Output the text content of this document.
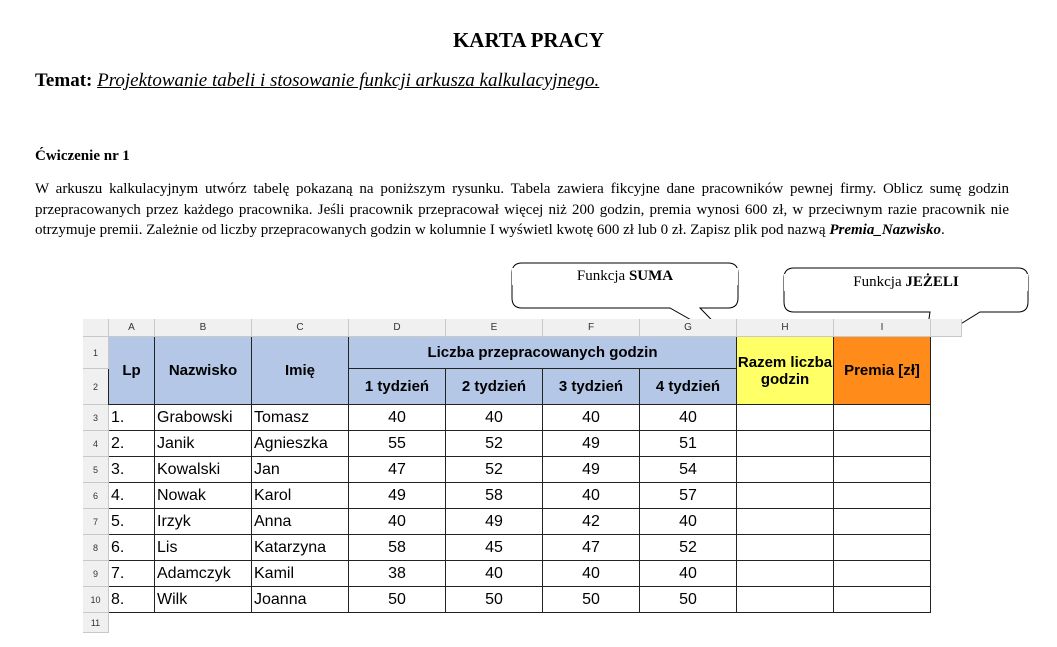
KARTA PRACY
Temat: Projektowanie tabeli i stosowanie funkcji arkusza kalkulacyjnego.
Ćwiczenie nr 1
W arkuszu kalkulacyjnym utwórz tabelę pokazaną na poniższym rysunku. Tabela zawiera fikcyjne dane pracowników pewnej firmy. Oblicz sumę godzin przepracowanych przez każdego pracownika. Jeśli pracownik przepracował więcej niż 200 godzin, premia wynosi 600 zł, w przeciwnym razie pracownik nie otrzymuje premii. Zależnie od liczby przepracowanych godzin w kolumnie I wyświetl kwotę 600 zł lub 0 zł. Zapisz plik pod nazwą Premia_Nazwisko.
Funkcja SUMA	Funkcja JEŻELI
	A	B	C	D	E	F	G	H	I	
1	Lp	Nazwisko	Imię	Liczba przepracowanych godzin				Razem liczba godzin	Premia [zł]	
2				1 tydzień	2 tydzień	3 tydzień	4 tydzień			
3	1.	Grabowski	Tomasz	40	40	40	40			
4	2.	Janik	Agnieszka	55	52	49	51			
5	3.	Kowalski	Jan	47	52	49	54			
6	4.	Nowak	Karol	49	58	40	57			
7	5.	Irzyk	Anna	40	49	42	40			
8	6.	Lis	Katarzyna	58	45	47	52			
9	7.	Adamczyk	Kamil	38	40	40	40			
10	8.	Wilk	Joanna	50	50	50	50			
11										
